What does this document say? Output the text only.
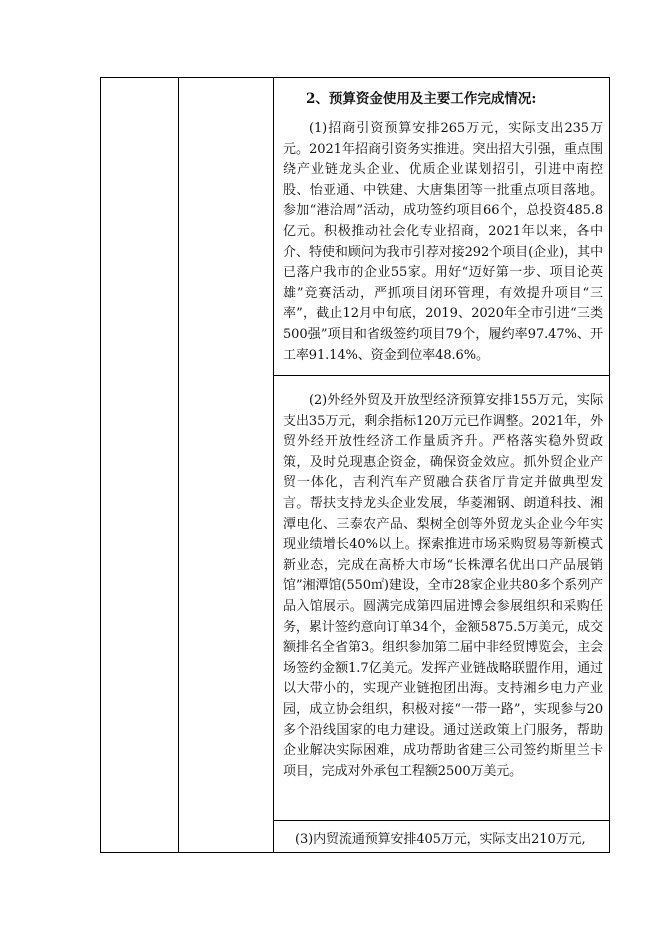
2、预算资金使用及主要工作完成情况:

(1)招商引资预算安排265万元，实际支出235万元。2021年招商引资务实推进。突出招大引强，重点围绕产业链龙头企业、优质企业谋划招引，引进中南控股、怡亚通、中铁建、大唐集团等一批重点项目落地。参加“港洽周”活动，成功签约项目66个，总投资485.8亿元。积极推动社会化专业招商，2021年以来，各中介、特使和顾问为我市引荐对接292个项目(企业)，其中已落户我市的企业55家。用好“迈好第一步、项目论英雄”竞赛活动，严抓项目闭环管理，有效提升项目“三率”，截止12月中旬底，2019、2020年全市引进“三类500强”项目和省级签约项目79个，履约率97.47%、开工率91.14%、资金到位率48.6%。

(2)外经外贸及开放型经济预算安排155万元，实际支出35万元，剩余指标120万元已作调整。2021年，外贸外经开放性经济工作量质齐升。严格落实稳外贸政策，及时兑现惠企资金，确保资金效应。抓外贸企业产贸一体化，吉利汽车产贸融合获省厅肯定并做典型发言。帮扶支持龙头企业发展，华菱湘钢、朗道科技、湘潭电化、三泰农产品、梨树全创等外贸龙头企业今年实现业绩增长40%以上。探索推进市场采购贸易等新模式新业态，完成在高桥大市场“长株潭名优出口产品展销馆”湘潭馆(550㎡)建设，全市28家企业共80多个系列产品入馆展示。圆满完成第四届进博会参展组织和采购任务，累计签约意向订单34个，金额5875.5万美元，成交额排名全省第3。组织参加第二届中非经贸博览会，主会场签约金额1.7亿美元。发挥产业链战略联盟作用，通过以大带小的，实现产业链抱团出海。支持湘乡电力产业园，成立协会组织，积极对接“一带一路”，实现参与20多个沿线国家的电力建设。通过送政策上门服务，帮助企业解决实际困难，成功帮助省建三公司签约斯里兰卡项目，完成对外承包工程额2500万美元。

(3)内贸流通预算安排405万元，实际支出210万元,
